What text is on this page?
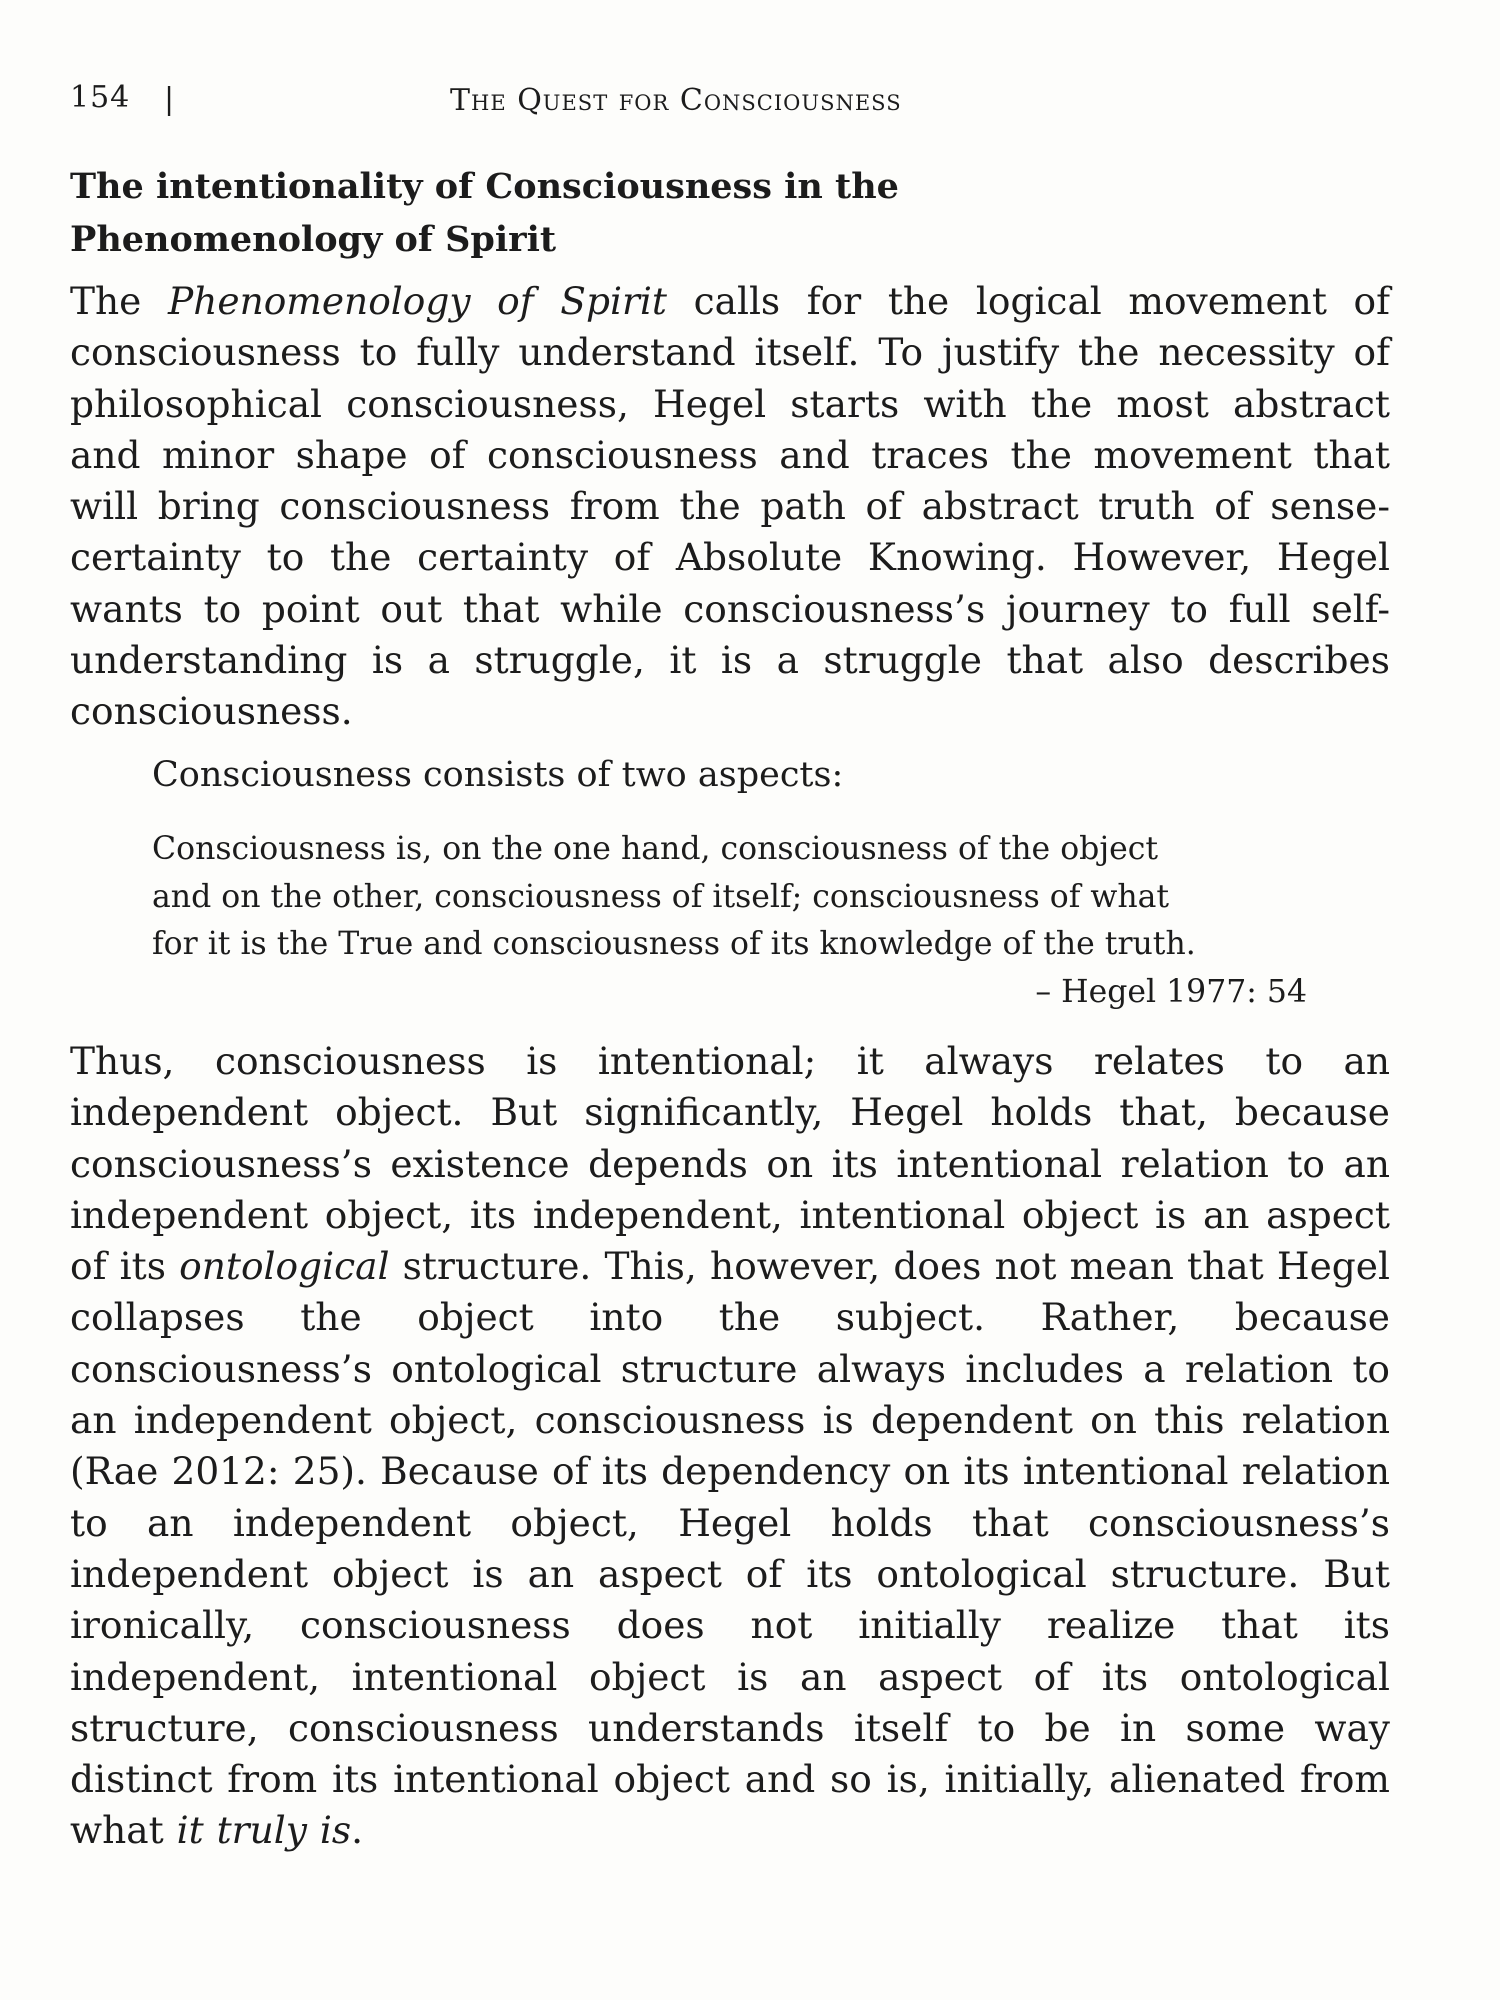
154 |	The Quest for Consciousness
The intentionality of Consciousness in the
Phenomenology of Spirit

The Phenomenology of Spirit calls for the logical movement of consciousness to fully understand itself. To justify the necessity of philosophical consciousness, Hegel starts with the most abstract and minor shape of consciousness and traces the movement that will bring consciousness from the path of abstract truth of sense-certainty to the certainty of Absolute Knowing. However, Hegel wants to point out that while consciousness’s journey to full self-understanding is a struggle, it is a struggle that also describes consciousness.

Consciousness consists of two aspects:

Consciousness is, on the one hand, consciousness of the object
and on the other, consciousness of itself; consciousness of what
for it is the True and consciousness of its knowledge of the truth.

– Hegel 1977: 54

Thus, consciousness is intentional; it always relates to an independent object. But significantly, Hegel holds that, because consciousness’s existence depends on its intentional relation to an independent object, its independent, intentional object is an aspect of its ontological structure. This, however, does not mean that Hegel collapses the object into the subject. Rather, because consciousness’s ontological structure always includes a relation to an independent object, consciousness is dependent on this relation (Rae 2012: 25). Because of its dependency on its intentional relation to an independent object, Hegel holds that consciousness’s independent object is an aspect of its ontological structure. But ironically, consciousness does not initially realize that its independent, intentional object is an aspect of its ontological structure, consciousness understands itself to be in some way distinct from its intentional object and so is, initially, alienated from what it truly is.
